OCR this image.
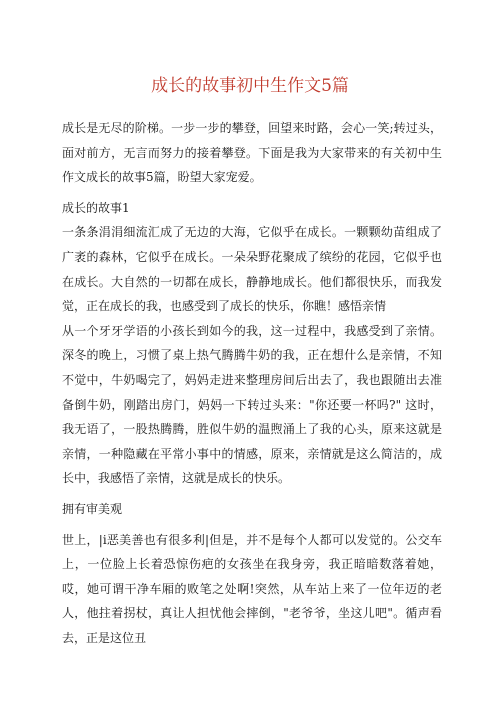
成长的故事初中生作文5篇

成长是无尽的阶梯。一步一步的攀登，回望来时路，会心一笑;转过头，面对前方，无言而努力的接着攀登。下面是我为大家带来的有关初中生作文成长的故事5篇，盼望大家宠爱。

成长的故事1

一条条涓涓细流汇成了无边的大海，它似乎在成长。一颗颗幼苗组成了广袤的森林，它似乎在成长。一朵朵野花聚成了缤纷的花园，它似乎也在成长。大自然的一切都在成长，静静地成长。他们都很快乐，而我发觉，正在成长的我，也感受到了成长的快乐，你瞧！感悟亲情

从一个牙牙学语的小孩长到如今的我，这一过程中，我感受到了亲情。深冬的晚上，习惯了桌上热气腾腾牛奶的我，正在想什么是亲情，不知不觉中，牛奶喝完了，妈妈走进来整理房间后出去了，我也跟随出去准备倒牛奶，刚踏出房门，妈妈一下转过头来："你还要一杯吗?" 这时，我无语了，一股热腾腾，胜似牛奶的温煦涌上了我的心头，原来这就是亲情，一种隐藏在平常小事中的情感，原来，亲情就是这么简洁的，成长中，我感悟了亲情，这就是成长的快乐。

拥有审美观

世上，|i恶美善也有很多利|但是，并不是每个人都可以发觉的。公交车上，一位脸上长着恐惊伤疤的女孩坐在我身旁，我正暗暗数落着她，哎，她可谓干净车厢的败笔之处啊!突然，从车站上来了一位年迈的老人，他拄着拐杖，真让人担忧他会摔倒，"老爷爷，坐这儿吧"。循声看去，正是这位丑
